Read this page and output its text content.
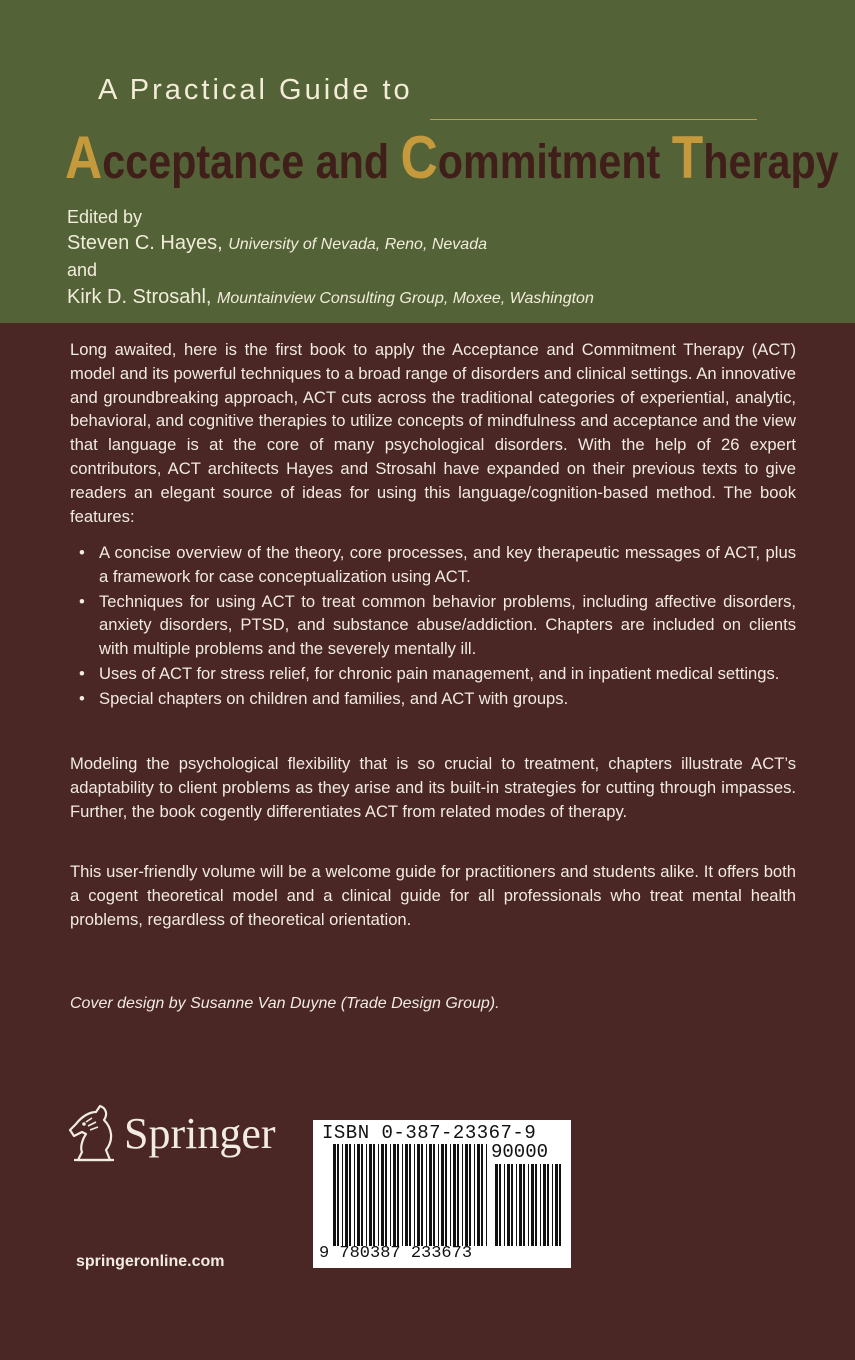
A Practical Guide to
Acceptance and Commitment Therapy
Edited by
Steven C. Hayes, University of Nevada, Reno, Nevada
and
Kirk D. Strosahl, Mountainview Consulting Group, Moxee, Washington
Long awaited, here is the first book to apply the Acceptance and Commitment Therapy (ACT) model and its powerful techniques to a broad range of disorders and clinical settings. An innovative and groundbreaking approach, ACT cuts across the traditional categories of experiential, analytic, behavioral, and cognitive therapies to utilize concepts of mindfulness and acceptance and the view that language is at the core of many psychological disorders. With the help of 26 expert contributors, ACT architects Hayes and Strosahl have expanded on their previous texts to give readers an elegant source of ideas for using this language/cognition-based method. The book features:
• A concise overview of the theory, core processes, and key therapeutic messages of ACT, plus a framework for case conceptualization using ACT.
• Techniques for using ACT to treat common behavior problems, including affective disorders, anxiety disorders, PTSD, and substance abuse/addiction. Chapters are included on clients with multiple problems and the severely mentally ill.
• Uses of ACT for stress relief, for chronic pain management, and in inpatient medical settings.
• Special chapters on children and families, and ACT with groups.
Modeling the psychological flexibility that is so crucial to treatment, chapters illustrate ACT’s adaptability to client problems as they arise and its built-in strategies for cutting through impasses. Further, the book cogently differentiates ACT from related modes of therapy.
This user-friendly volume will be a welcome guide for practitioners and students alike. It offers both a cogent theoretical model and a clinical guide for all professionals who treat mental health problems, regardless of theoretical orientation.
Cover design by Susanne Van Duyne (Trade Design Group).
Springer
springeronline.com
ISBN 0-387-23367-9
90000
9 780387 233673
